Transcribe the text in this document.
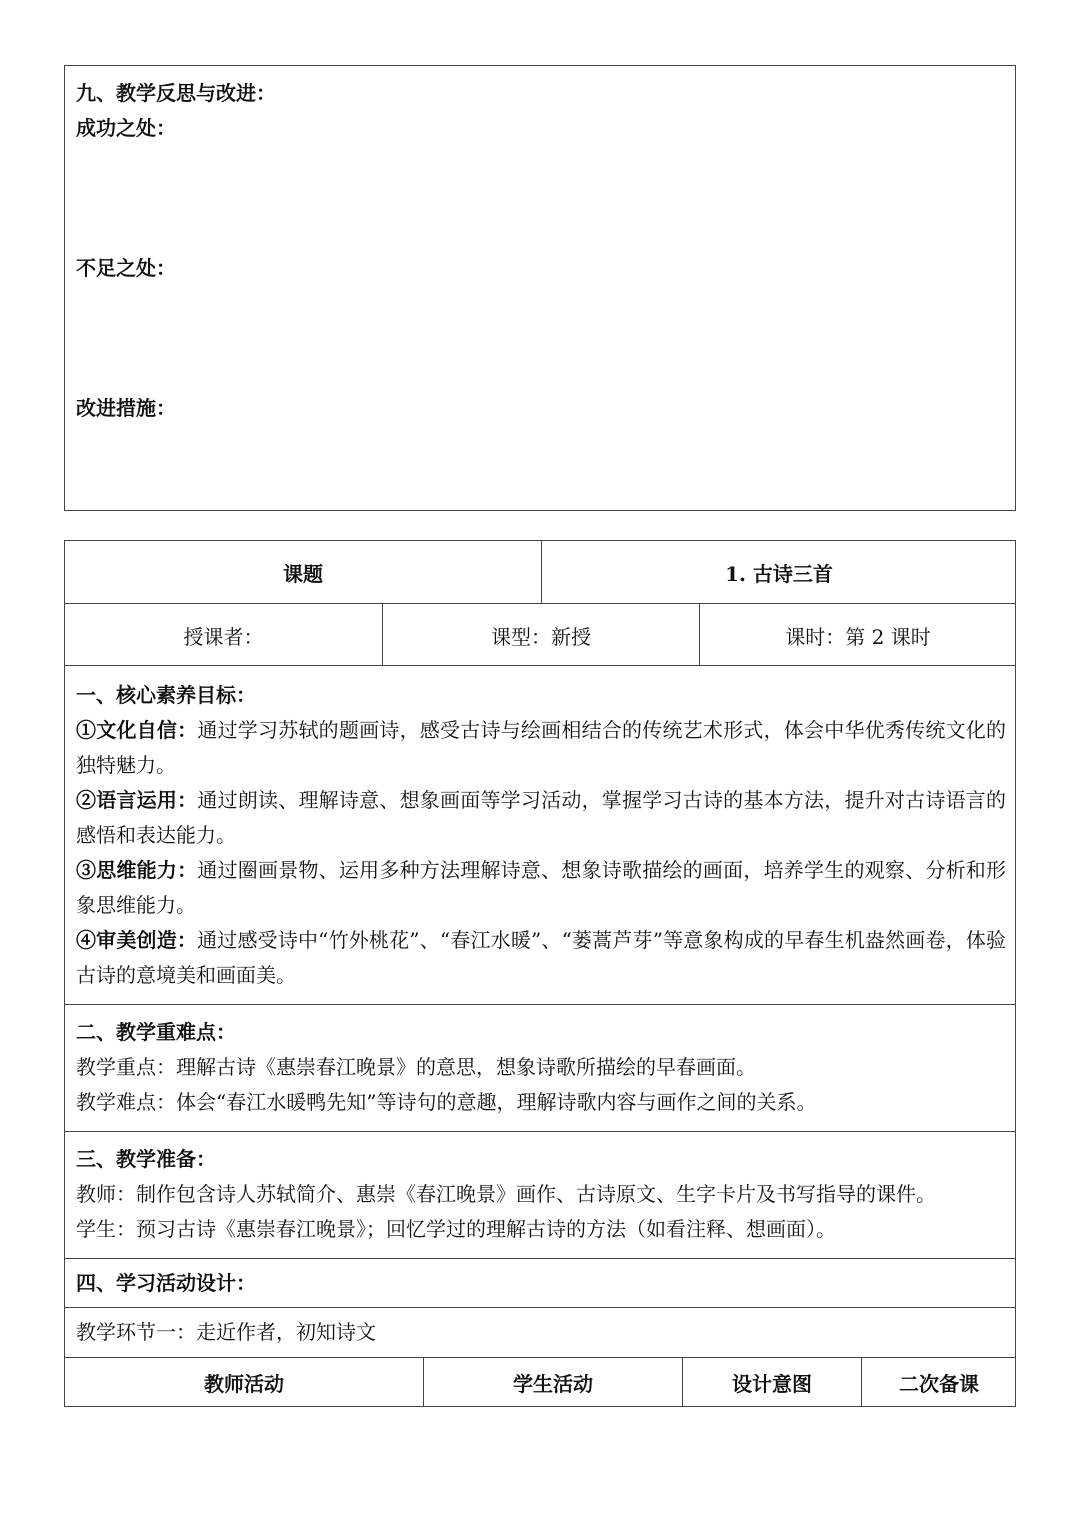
九、教学反思与改进：
成功之处：
不足之处：
改进措施：
课题	1. 古诗三首
授课者：	课型：新授	课时：第 2 课时
一、核心素养目标：
①文化自信：通过学习苏轼的题画诗，感受古诗与绘画相结合的传统艺术形式，体会中华优秀传统文化的独特魅力。
②语言运用：通过朗读、理解诗意、想象画面等学习活动，掌握学习古诗的基本方法，提升对古诗语言的感悟和表达能力。
③思维能力：通过圈画景物、运用多种方法理解诗意、想象诗歌描绘的画面，培养学生的观察、分析和形象思维能力。
④审美创造：通过感受诗中“竹外桃花”、“春江水暖”、“蒌蒿芦芽”等意象构成的早春生机盎然画卷，体验古诗的意境美和画面美。
二、教学重难点：
教学重点：理解古诗《惠崇春江晚景》的意思，想象诗歌所描绘的早春画面。
教学难点：体会“春江水暖鸭先知”等诗句的意趣，理解诗歌内容与画作之间的关系。
三、教学准备：
教师：制作包含诗人苏轼简介、惠崇《春江晚景》画作、古诗原文、生字卡片及书写指导的课件。
学生：预习古诗《惠崇春江晚景》；回忆学过的理解古诗的方法（如看注释、想画面）。
四、学习活动设计：
教学环节一：走近作者，初知诗文
教师活动	学生活动	设计意图	二次备课
